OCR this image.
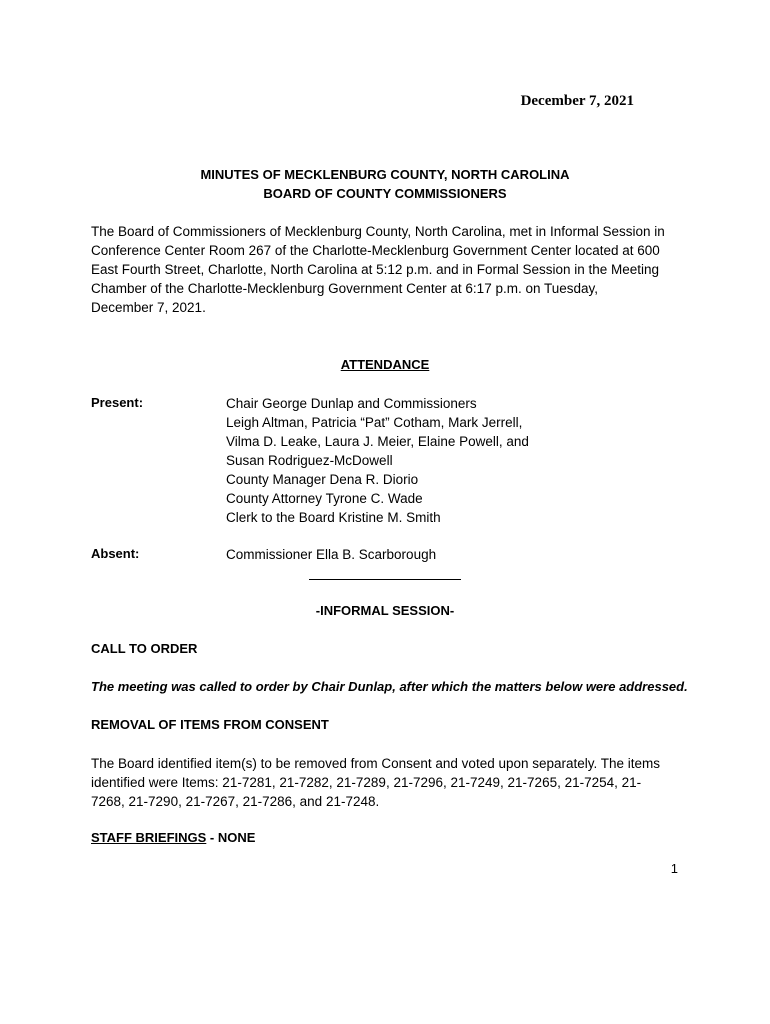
December 7, 2021
MINUTES OF MECKLENBURG COUNTY, NORTH CAROLINA
BOARD OF COUNTY COMMISSIONERS
The Board of Commissioners of Mecklenburg County, North Carolina, met in Informal Session in
Conference Center Room 267 of the Charlotte-Mecklenburg Government Center located at 600
East Fourth Street, Charlotte, North Carolina at 5:12 p.m. and in Formal Session in the Meeting
Chamber of the Charlotte-Mecklenburg Government Center at 6:17 p.m. on Tuesday,
December 7, 2021.
ATTENDANCE
Present:	Chair George Dunlap and Commissioners
Leigh Altman, Patricia “Pat” Cotham, Mark Jerrell,
Vilma D. Leake, Laura J. Meier, Elaine Powell, and
Susan Rodriguez-McDowell
County Manager Dena R. Diorio
County Attorney Tyrone C. Wade
Clerk to the Board Kristine M. Smith
Absent:	Commissioner Ella B. Scarborough
-INFORMAL SESSION-
CALL TO ORDER
The meeting was called to order by Chair Dunlap, after which the matters below were addressed.
REMOVAL OF ITEMS FROM CONSENT
The Board identified item(s) to be removed from Consent and voted upon separately. The items
identified were Items: 21-7281, 21-7282, 21-7289, 21-7296, 21-7249, 21-7265, 21-7254, 21-
7268, 21-7290, 21-7267, 21-7286, and 21-7248.
STAFF BRIEFINGS - NONE
1
